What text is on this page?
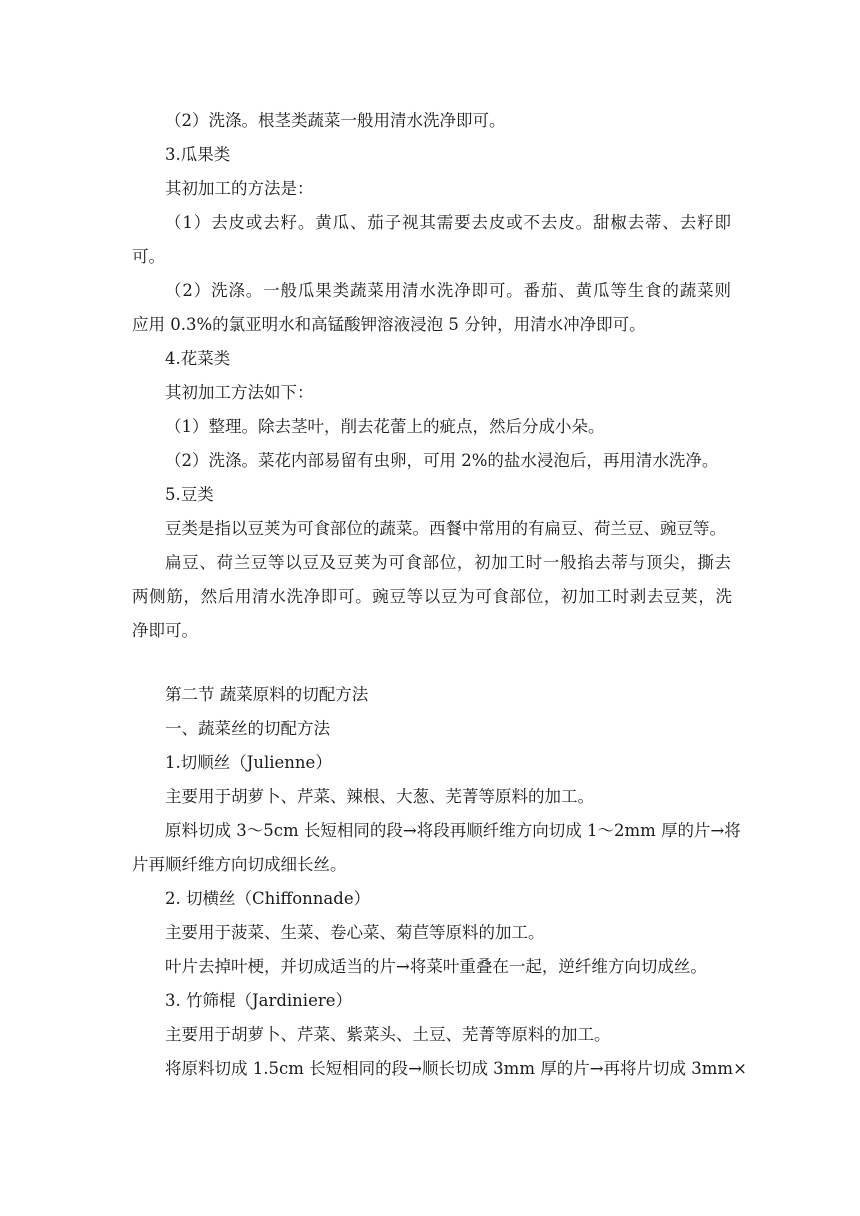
（2）洗涤。根茎类蔬菜一般用清水洗净即可。
3.瓜果类
其初加工的方法是：
（1）去皮或去籽。黄瓜、茄子视其需要去皮或不去皮。甜椒去蒂、去籽即
可。
（2）洗涤。一般瓜果类蔬菜用清水洗净即可。番茄、黄瓜等生食的蔬菜则
应用 0.3%的氯亚明水和高锰酸钾溶液浸泡 5 分钟，用清水冲净即可。
4.花菜类
其初加工方法如下：
（1）整理。除去茎叶，削去花蕾上的疵点，然后分成小朵。
（2）洗涤。菜花内部易留有虫卵，可用 2%的盐水浸泡后，再用清水洗净。
5.豆类
豆类是指以豆荚为可食部位的蔬菜。西餐中常用的有扁豆、荷兰豆、豌豆等。
扁豆、荷兰豆等以豆及豆荚为可食部位，初加工时一般掐去蒂与顶尖，撕去
两侧筋，然后用清水洗净即可。豌豆等以豆为可食部位，初加工时剥去豆荚，洗
净即可。
第二节 蔬菜原料的切配方法
一、蔬菜丝的切配方法
1.切顺丝（Julienne）
主要用于胡萝卜、芹菜、辣根、大葱、芜菁等原料的加工。
原料切成 3～5cm 长短相同的段→将段再顺纤维方向切成 1～2mm 厚的片→将
片再顺纤维方向切成细长丝。
2. 切横丝（Chiffonnade）
主要用于菠菜、生菜、卷心菜、菊苣等原料的加工。
叶片去掉叶梗，并切成适当的片→将菜叶重叠在一起，逆纤维方向切成丝。
3. 竹筛棍（Jardiniere）
主要用于胡萝卜、芹菜、紫菜头、土豆、芜菁等原料的加工。
将原料切成 1.5cm 长短相同的段→顺长切成 3mm 厚的片→再将片切成 3mm×
